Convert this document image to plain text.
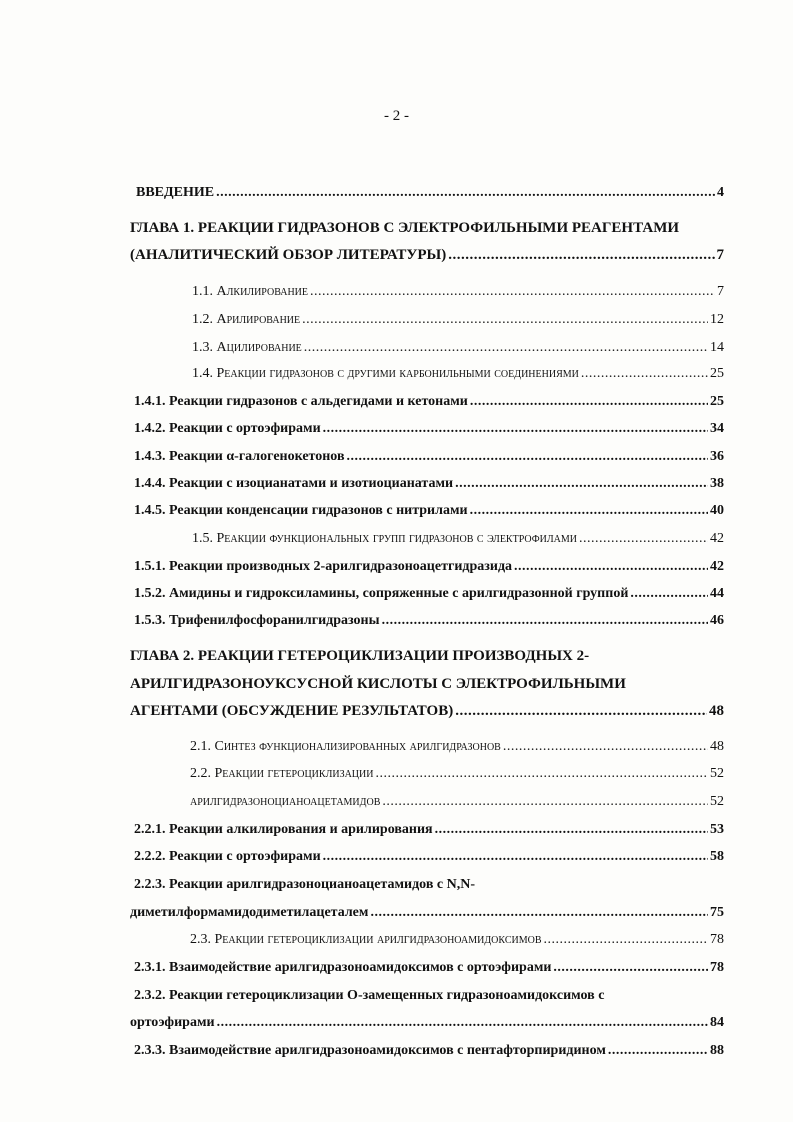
- 2 -
ВВЕДЕНИЕ .....	4
ГЛАВА 1. РЕАКЦИИ ГИДРАЗОНОВ С ЭЛЕКТРОФИЛЬНЫМИ РЕАГЕНТАМИ
(АНАЛИТИЧЕСКИЙ ОБЗОР ЛИТЕРАТУРЫ) .....	7
1.1. Алкилирование .....	7
1.2. Арилирование .....	12
1.3. Ацилирование .....	14
1.4. Реакции гидразонов с другими карбонильными соединениями .....	25
1.4.1. Реакции гидразонов с альдегидами и кетонами .....	25
1.4.2. Реакции с ортоэфирами .....	34
1.4.3. Реакции α-галогенокетонов .....	36
1.4.4. Реакции с изоцианатами и изотиоцианатами .....	38
1.4.5. Реакции конденсации гидразонов с нитрилами .....	40
1.5. Реакции функциональных групп гидразонов с электрофилами .....	42
1.5.1. Реакции производных 2-арилгидразоноацетгидразида .....	42
1.5.2. Амидины и гидроксиламины, сопряженные с арилгидразонной группой .....	44
1.5.3. Трифенилфосфоранилгидразоны .....	46
ГЛАВА 2. РЕАКЦИИ ГЕТЕРОЦИКЛИЗАЦИИ ПРОИЗВОДНЫХ 2-
АРИЛГИДРАЗОНОУКСУСНОЙ КИСЛОТЫ С ЭЛЕКТРОФИЛЬНЫМИ
АГЕНТАМИ (ОБСУЖДЕНИЕ РЕЗУЛЬТАТОВ) .....	48
2.1. Синтез функционализированных арилгидразонов .....	48
2.2. Реакции гетероциклизации .....	52
арилгидразоноцианоацетамидов .....	52
2.2.1. Реакции алкилирования и арилирования .....	53
2.2.2. Реакции с ортоэфирами .....	58
2.2.3. Реакции арилгидразоноцианоацетамидов с N,N-
диметилформамидодиметилацеталем .....	75
2.3. Реакции гетероциклизации арилгидразоноамидоксимов .....	78
2.3.1. Взаимодействие арилгидразоноамидоксимов с ортоэфирами .....	78
2.3.2. Реакции гетероциклизации О-замещенных гидразоноамидоксимов с
ортоэфирами .....	84
2.3.3. Взаимодействие арилгидразоноамидоксимов с пентафторпиридином .....	88
